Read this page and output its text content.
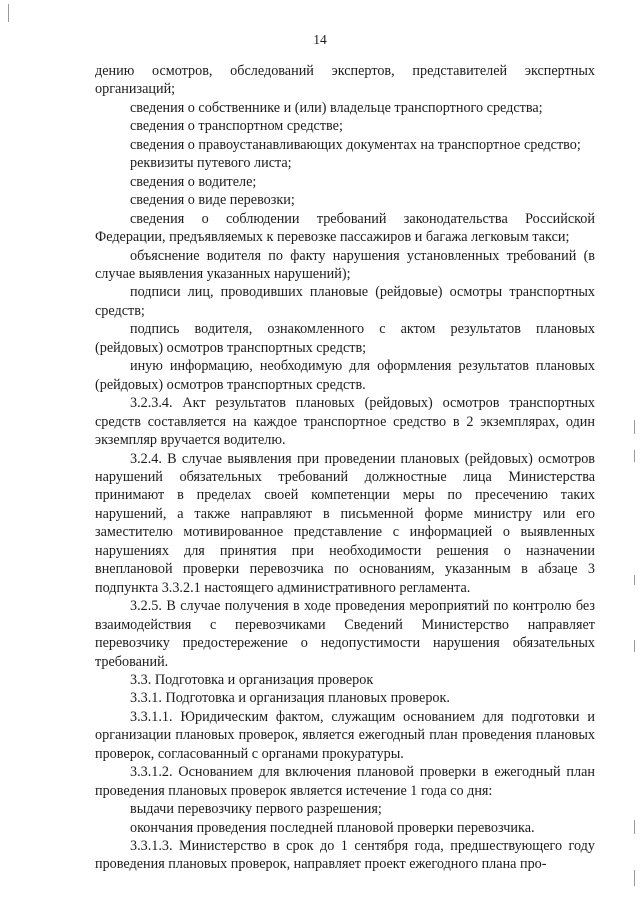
14

дению осмотров, обследований экспертов, представителей экспертных организаций;

сведения о собственнике и (или) владельце транспортного средства;

сведения о транспортном средстве;

сведения о правоустанавливающих документах на транспортное средство;

реквизиты путевого листа;

сведения о водителе;

сведения о виде перевозки;

сведения о соблюдении требований законодательства Российской Федерации, предъявляемых к перевозке пассажиров и багажа легковым такси;

объяснение водителя по факту нарушения установленных требований (в случае выявления указанных нарушений);

подписи лиц, проводивших плановые (рейдовые) осмотры транспортных средств;

подпись водителя, ознакомленного с актом результатов плановых (рейдовых) осмотров транспортных средств;

иную информацию, необходимую для оформления результатов плановых (рейдовых) осмотров транспортных средств.

3.2.3.4. Акт результатов плановых (рейдовых) осмотров транспортных средств составляется на каждое транспортное средство в 2 экземплярах, один экземпляр вручается водителю.

3.2.4. В случае выявления при проведении плановых (рейдовых) осмотров нарушений обязательных требований должностные лица Министерства принимают в пределах своей компетенции меры по пресечению таких нарушений, а также направляют в письменной форме министру или его заместителю мотивированное представление с информацией о выявленных нарушениях для принятия при необходимости решения о назначении внеплановой проверки перевозчика по основаниям, указанным в абзаце 3 подпункта 3.3.2.1 настоящего административного регламента.

3.2.5. В случае получения в ходе проведения мероприятий по контролю без взаимодействия с перевозчиками Сведений Министерство направляет перевозчику предостережение о недопустимости нарушения обязательных требований.

3.3. Подготовка и организация проверок

3.3.1. Подготовка и организация плановых проверок.

3.3.1.1. Юридическим фактом, служащим основанием для подготовки и организации плановых проверок, является ежегодный план проведения плановых проверок, согласованный с органами прокуратуры.

3.3.1.2. Основанием для включения плановой проверки в ежегодный план проведения плановых проверок является истечение 1 года со дня:

выдачи перевозчику первого разрешения;

окончания проведения последней плановой проверки перевозчика.

3.3.1.3. Министерство в срок до 1 сентября года, предшествующего году проведения плановых проверок, направляет проект ежегодного плана про-
